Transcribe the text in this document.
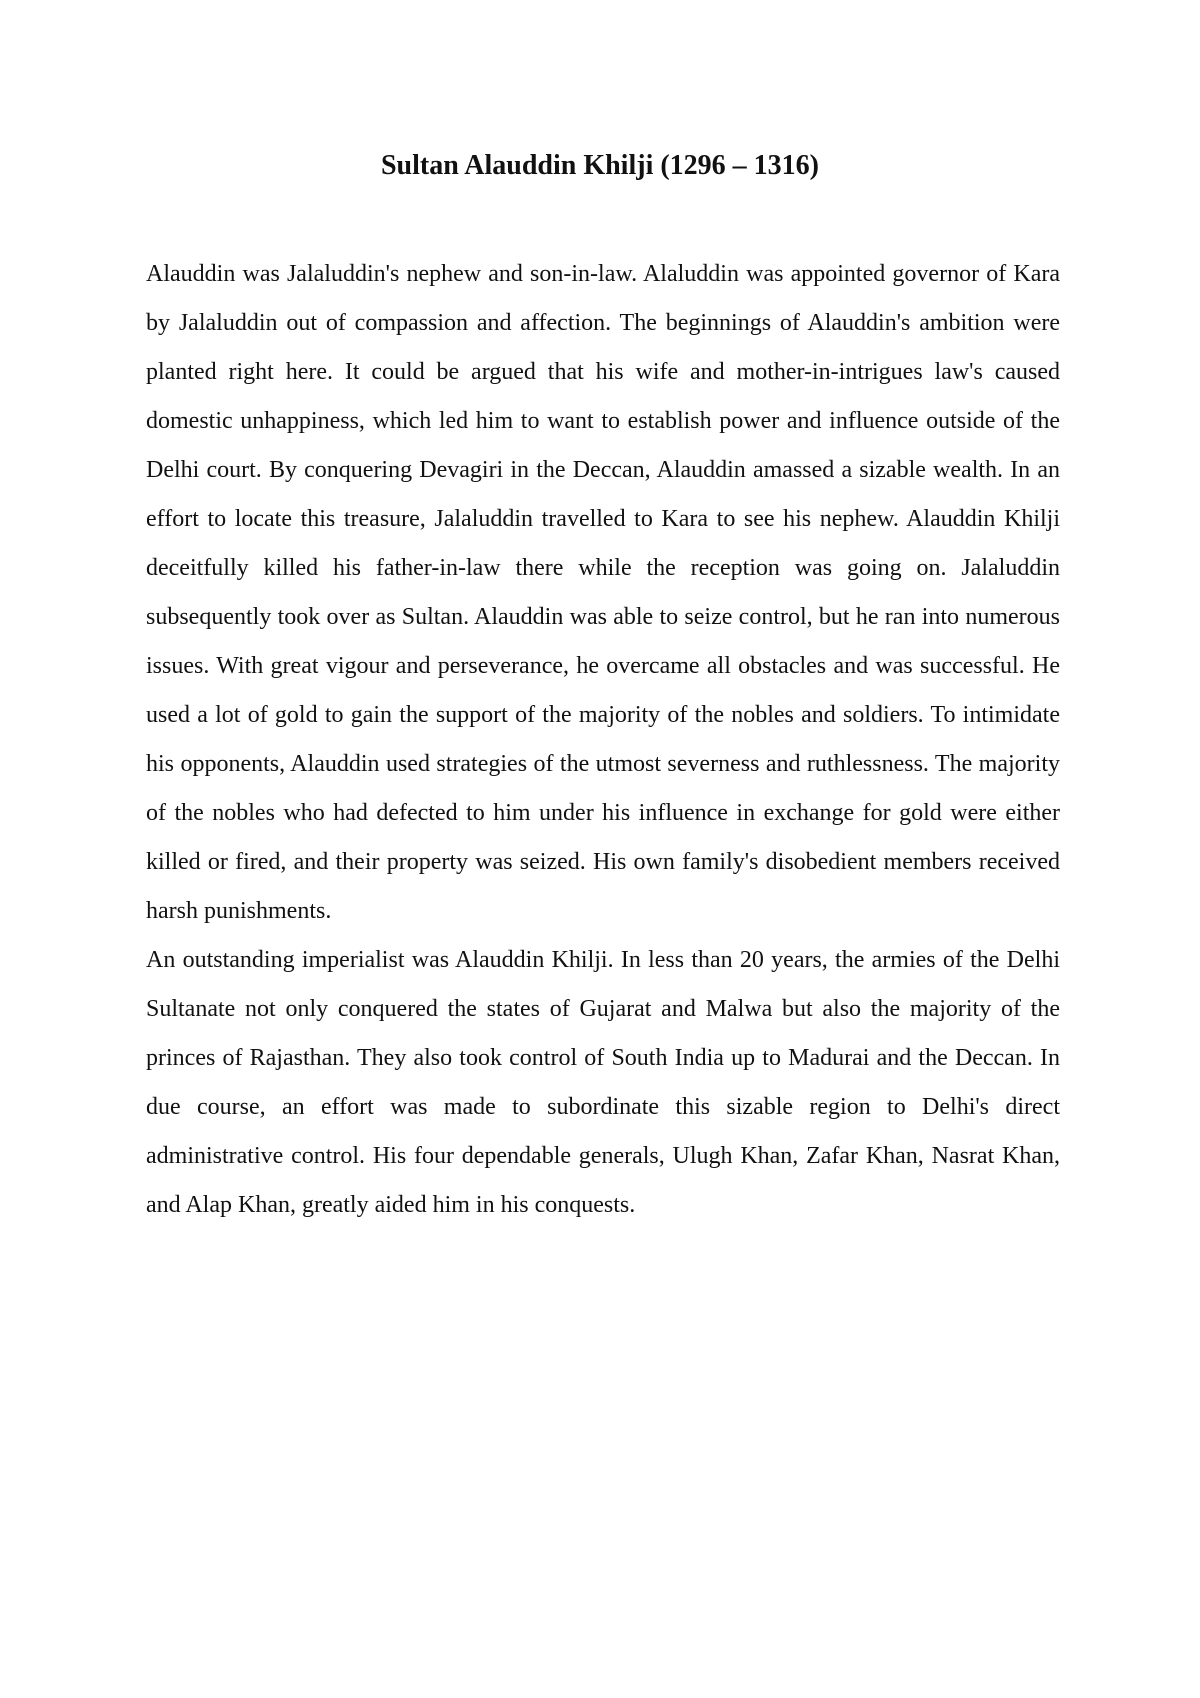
Sultan Alauddin Khilji (1296 – 1316)

Alauddin was Jalaluddin's nephew and son-in-law. Alaluddin was appointed governor of Kara by Jalaluddin out of compassion and affection. The beginnings of Alauddin's ambition were planted right here. It could be argued that his wife and mother-in-intrigues law's caused domestic unhappiness, which led him to want to establish power and influence outside of the Delhi court. By conquering Devagiri in the Deccan, Alauddin amassed a sizable wealth. In an effort to locate this treasure, Jalaluddin travelled to Kara to see his nephew. Alauddin Khilji deceitfully killed his father-in-law there while the reception was going on. Jalaluddin subsequently took over as Sultan. Alauddin was able to seize control, but he ran into numerous issues. With great vigour and perseverance, he overcame all obstacles and was successful. He used a lot of gold to gain the support of the majority of the nobles and soldiers. To intimidate his opponents, Alauddin used strategies of the utmost severness and ruthlessness. The majority of the nobles who had defected to him under his influence in exchange for gold were either killed or fired, and their property was seized. His own family's disobedient members received harsh punishments.

An outstanding imperialist was Alauddin Khilji. In less than 20 years, the armies of the Delhi Sultanate not only conquered the states of Gujarat and Malwa but also the majority of the princes of Rajasthan. They also took control of South India up to Madurai and the Deccan. In due course, an effort was made to subordinate this sizable region to Delhi's direct administrative control. His four dependable generals, Ulugh Khan, Zafar Khan, Nasrat Khan, and Alap Khan, greatly aided him in his conquests.
